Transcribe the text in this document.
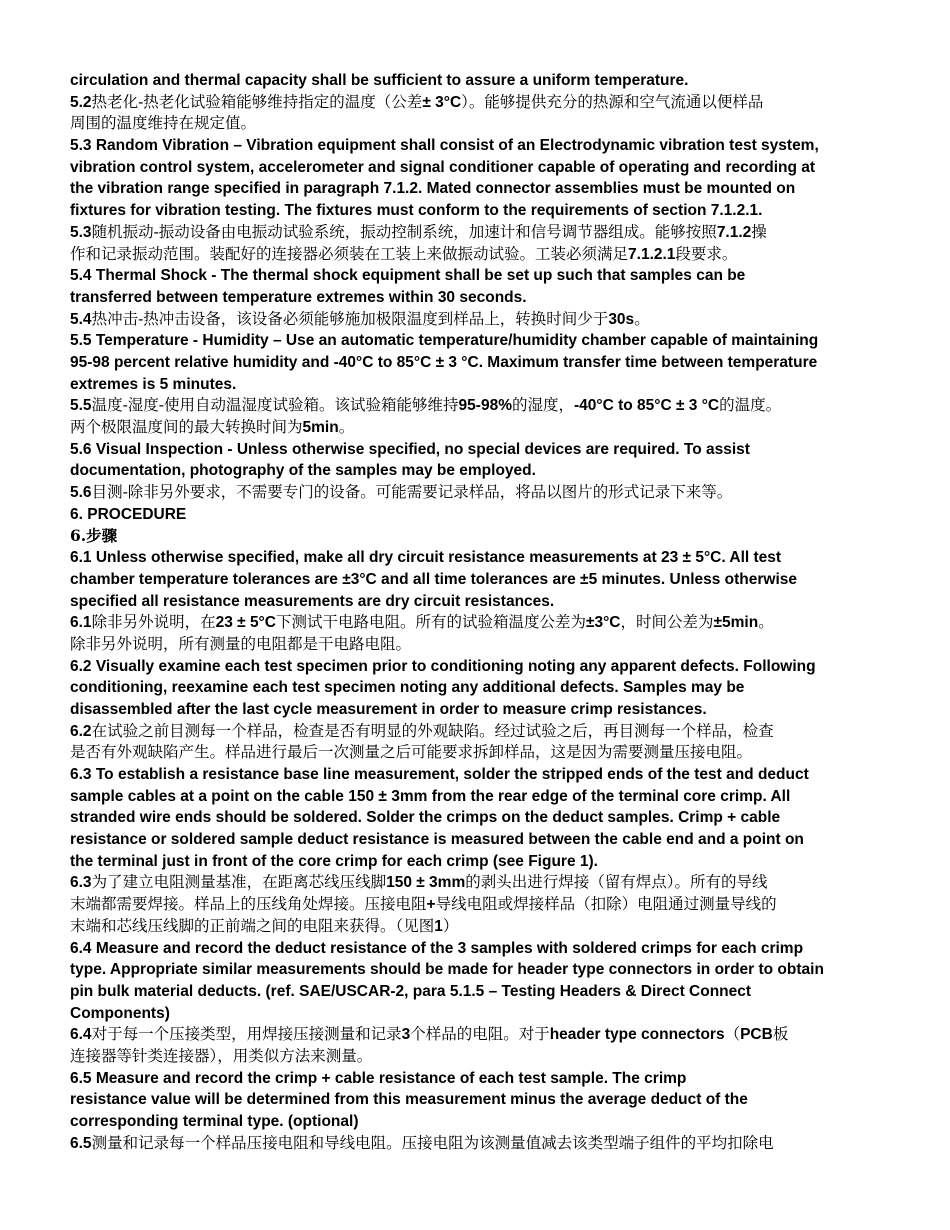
circulation and thermal capacity shall be sufficient to assure a uniform temperature.
5.2热老化-热老化试验箱能够维持指定的温度（公差± 3°C）。能够提供充分的热源和空气流通以便样品
周围的温度维持在规定值。
5.3 Random Vibration – Vibration equipment shall consist of an Electrodynamic vibration test system,
vibration control system, accelerometer and signal conditioner capable of operating and recording at
the vibration range specified in paragraph 7.1.2. Mated connector assemblies must be mounted on
fixtures for vibration testing. The fixtures must conform to the requirements of section 7.1.2.1.
5.3随机振动-振动设备由电振动试验系统，振动控制系统，加速计和信号调节器组成。能够按照7.1.2操
作和记录振动范围。装配好的连接器必须装在工装上来做振动试验。工装必须满足7.1.2.1段要求。
5.4 Thermal Shock - The thermal shock equipment shall be set up such that samples can be
transferred between temperature extremes within 30 seconds.
5.4热冲击-热冲击设备，该设备必须能够施加极限温度到样品上，转换时间少于30s。
5.5 Temperature - Humidity – Use an automatic temperature/humidity chamber capable of maintaining
95-98 percent relative humidity and -40°C to 85°C ± 3 °C. Maximum transfer time between temperature
extremes is 5 minutes.
5.5温度-湿度-使用自动温湿度试验箱。该试验箱能够维持95-98%的湿度，-40°C to 85°C ± 3 °C的温度。
两个极限温度间的最大转换时间为5min。
5.6 Visual Inspection - Unless otherwise specified, no special devices are required. To assist
documentation, photography of the samples may be employed.
5.6目测-除非另外要求，不需要专门的设备。可能需要记录样品，将品以图片的形式记录下来等。
6. PROCEDURE
6.步骤
6.1 Unless otherwise specified, make all dry circuit resistance measurements at 23 ± 5°C. All test
chamber temperature tolerances are ±3°C and all time tolerances are ±5 minutes. Unless otherwise
specified all resistance measurements are dry circuit resistances.
6.1除非另外说明，在23 ± 5°C下测试干电路电阻。所有的试验箱温度公差为±3°C，时间公差为±5min。
除非另外说明，所有测量的电阻都是干电路电阻。
6.2 Visually examine each test specimen prior to conditioning noting any apparent defects. Following
conditioning, reexamine each test specimen noting any additional defects. Samples may be
disassembled after the last cycle measurement in order to measure crimp resistances.
6.2在试验之前目测每一个样品，检查是否有明显的外观缺陷。经过试验之后，再目测每一个样品，检查
是否有外观缺陷产生。样品进行最后一次测量之后可能要求拆卸样品，这是因为需要测量压接电阻。
6.3 To establish a resistance base line measurement, solder the stripped ends of the test and deduct
sample cables at a point on the cable 150 ± 3mm from the rear edge of the terminal core crimp. All
stranded wire ends should be soldered. Solder the crimps on the deduct samples. Crimp + cable
resistance or soldered sample deduct resistance is measured between the cable end and a point on
the terminal just in front of the core crimp for each crimp (see Figure 1).
6.3为了建立电阻测量基准，在距离芯线压线脚150 ± 3mm的剥头出进行焊接（留有焊点）。所有的导线
末端都需要焊接。样品上的压线角处焊接。压接电阻+导线电阻或焊接样品（扣除）电阻通过测量导线的
末端和芯线压线脚的正前端之间的电阻来获得。（见图1）
6.4 Measure and record the deduct resistance of the 3 samples with soldered crimps for each crimp
type. Appropriate similar measurements should be made for header type connectors in order to obtain
pin bulk material deducts. (ref. SAE/USCAR-2, para 5.1.5 – Testing Headers & Direct Connect
Components)
6.4对于每一个压接类型，用焊接压接测量和记录3个样品的电阻。对于header type connectors（PCB板
连接器等针类连接器），用类似方法来测量。
6.5 Measure and record the crimp + cable resistance of each test sample. The crimp
resistance value will be determined from this measurement minus the average deduct of the
corresponding terminal type. (optional)
6.5测量和记录每一个样品压接电阻和导线电阻。压接电阻为该测量值减去该类型端子组件的平均扣除电
